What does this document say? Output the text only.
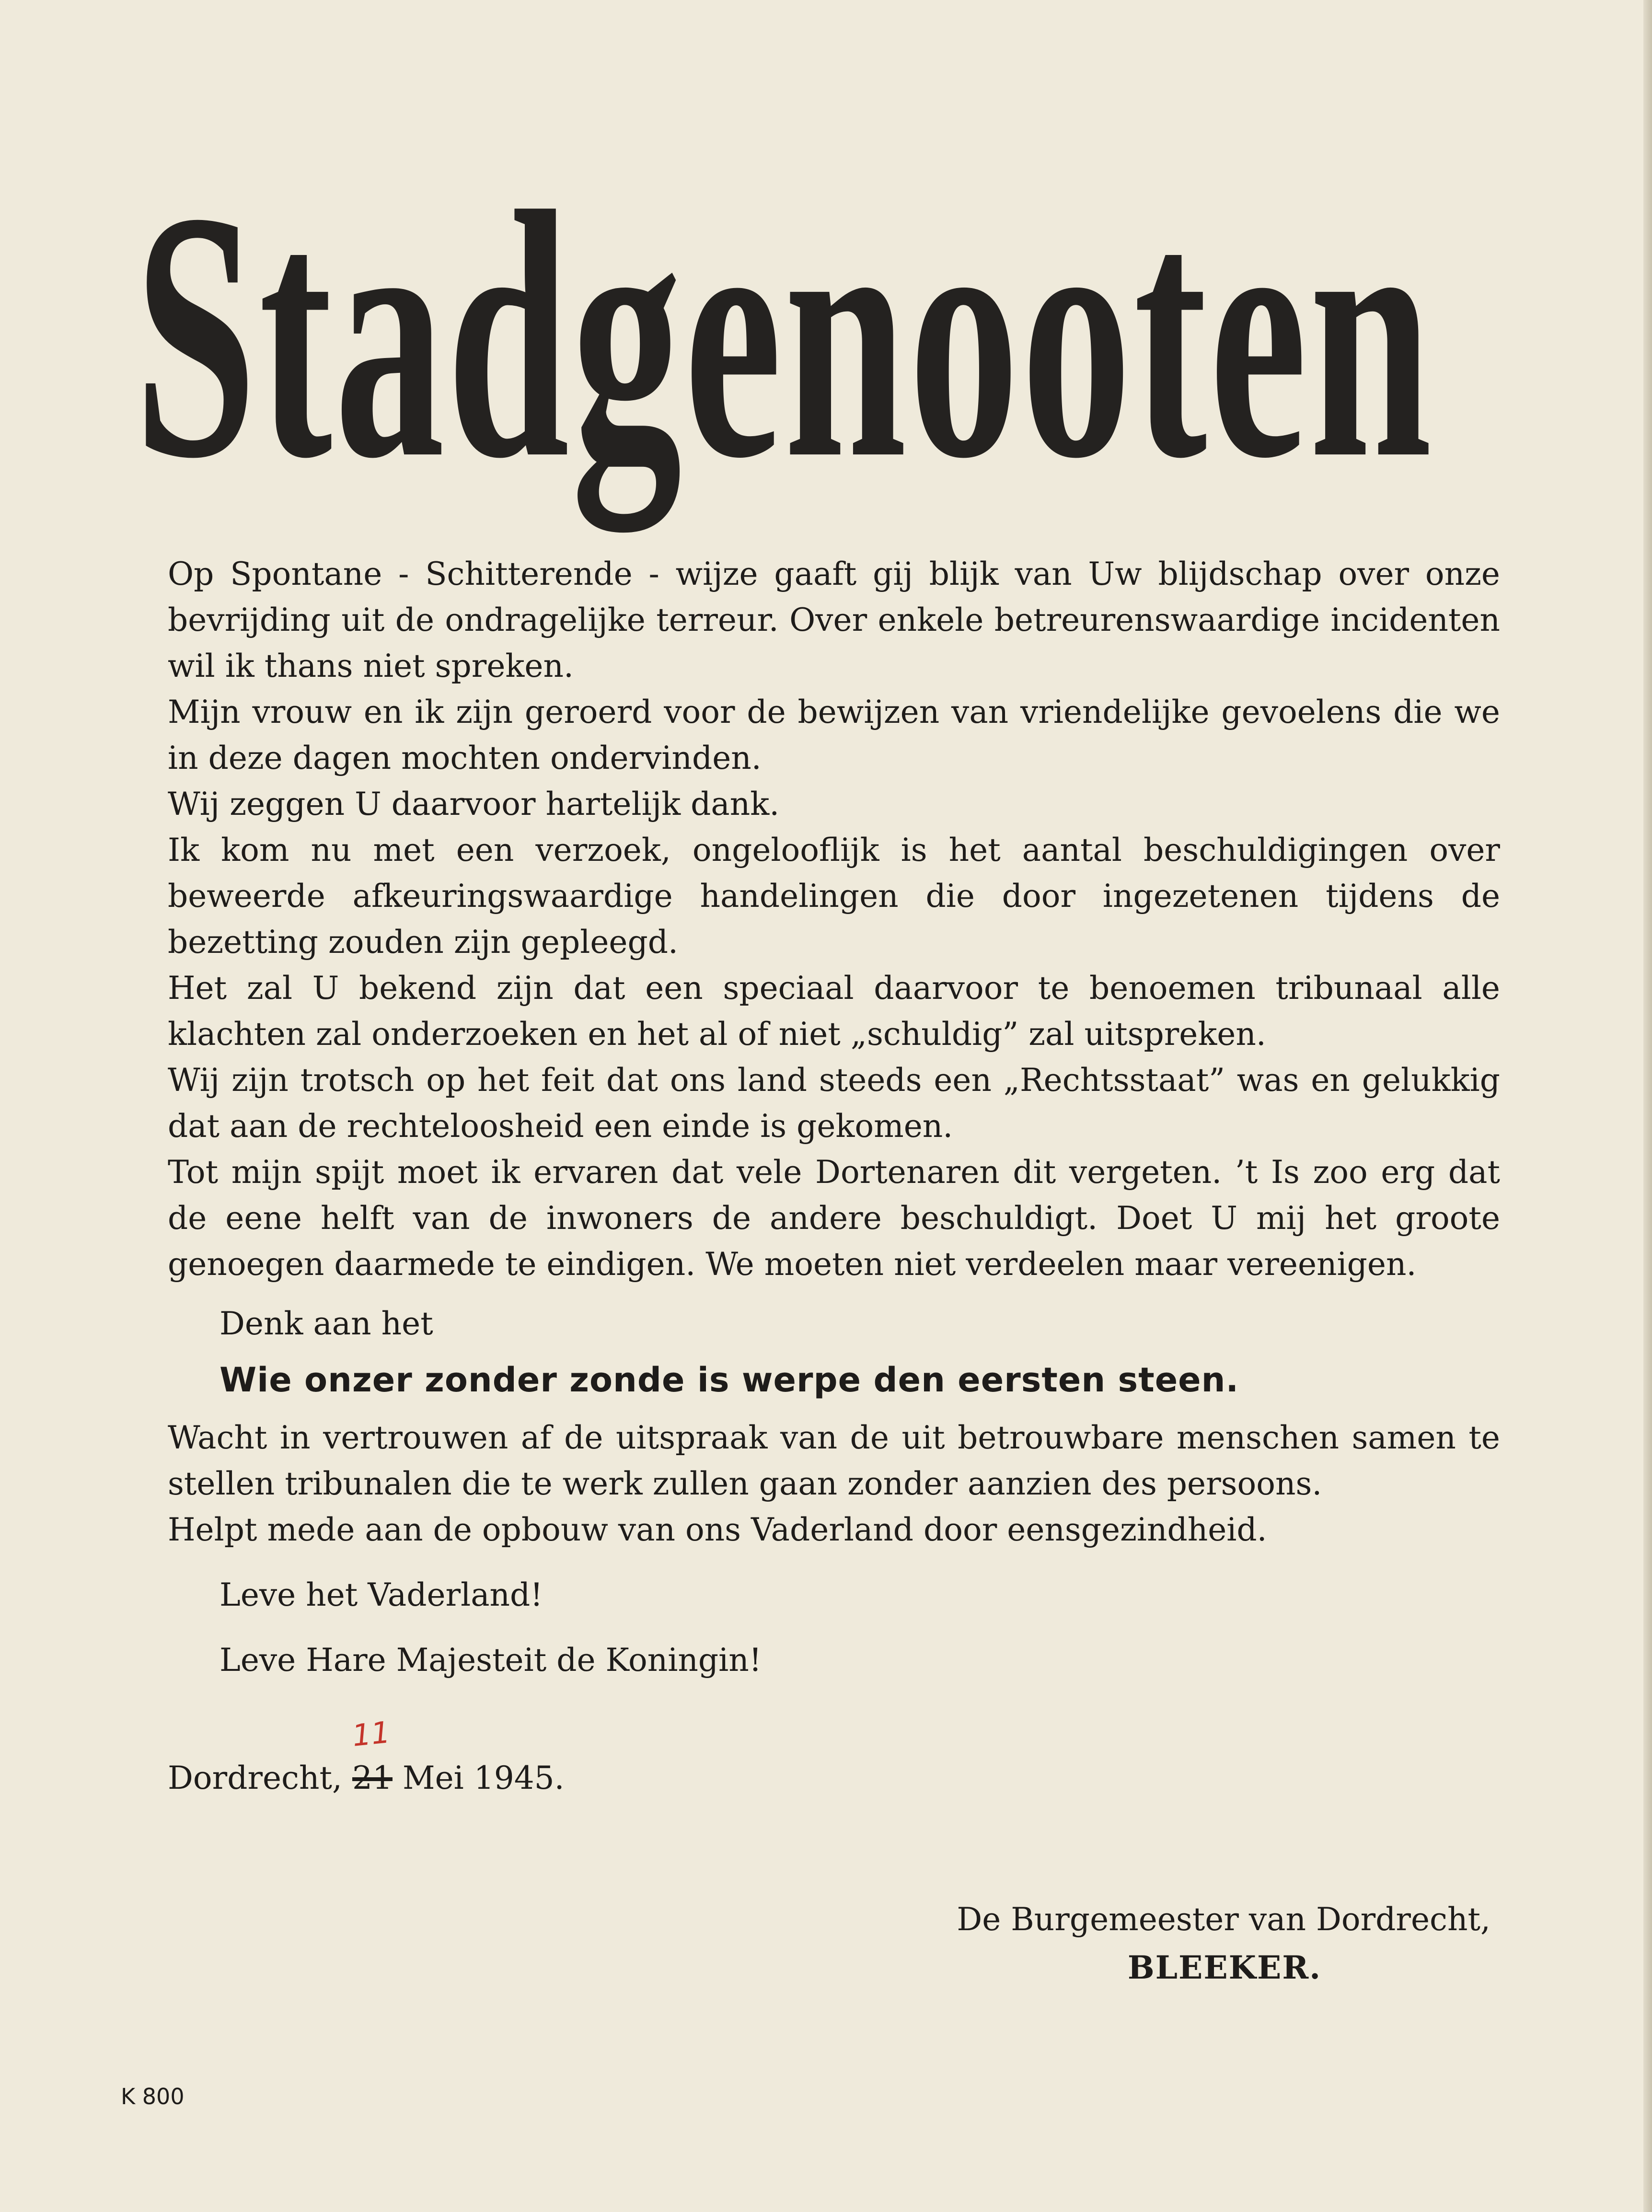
Stadgenooten

Op Spontane - Schitterende - wijze gaaft gij blijk van Uw blijdschap over onze bevrijding uit de ondragelijke terreur. Over enkele betreurenswaardige incidenten wil ik thans niet spreken.

Mijn vrouw en ik zijn geroerd voor de bewijzen van vriendelijke gevoelens die we in deze dagen mochten ondervinden.

Wij zeggen U daarvoor hartelijk dank.

Ik kom nu met een verzoek, ongelooflijk is het aantal beschuldigingen over beweerde afkeuringswaardige handelingen die door ingezetenen tijdens de bezetting zouden zijn gepleegd.

Het zal U bekend zijn dat een speciaal daarvoor te benoemen tribunaal alle klachten zal onderzoeken en het al of niet „schuldig” zal uitspreken.

Wij zijn trotsch op het feit dat ons land steeds een „Rechtsstaat” was en gelukkig dat aan de rechteloosheid een einde is gekomen.

Tot mijn spijt moet ik ervaren dat vele Dortenaren dit vergeten. ’t Is zoo erg dat de eene helft van de inwoners de andere beschuldigt. Doet U mij het groote genoegen daarmede te eindigen. We moeten niet verdeelen maar vereenigen.

Denk aan het

Wie onzer zonder zonde is werpe den eersten steen.

Wacht in vertrouwen af de uitspraak van de uit betrouwbare menschen samen te stellen tribunalen die te werk zullen gaan zonder aanzien des persoons.

Helpt mede aan de opbouw van ons Vaderland door eensgezindheid.

Leve het Vaderland!

Leve Hare Majesteit de Koningin!

Dordrecht, 21 Mei 1945.
11

De Burgemeester van Dordrecht,

BLEEKER.

K 800
